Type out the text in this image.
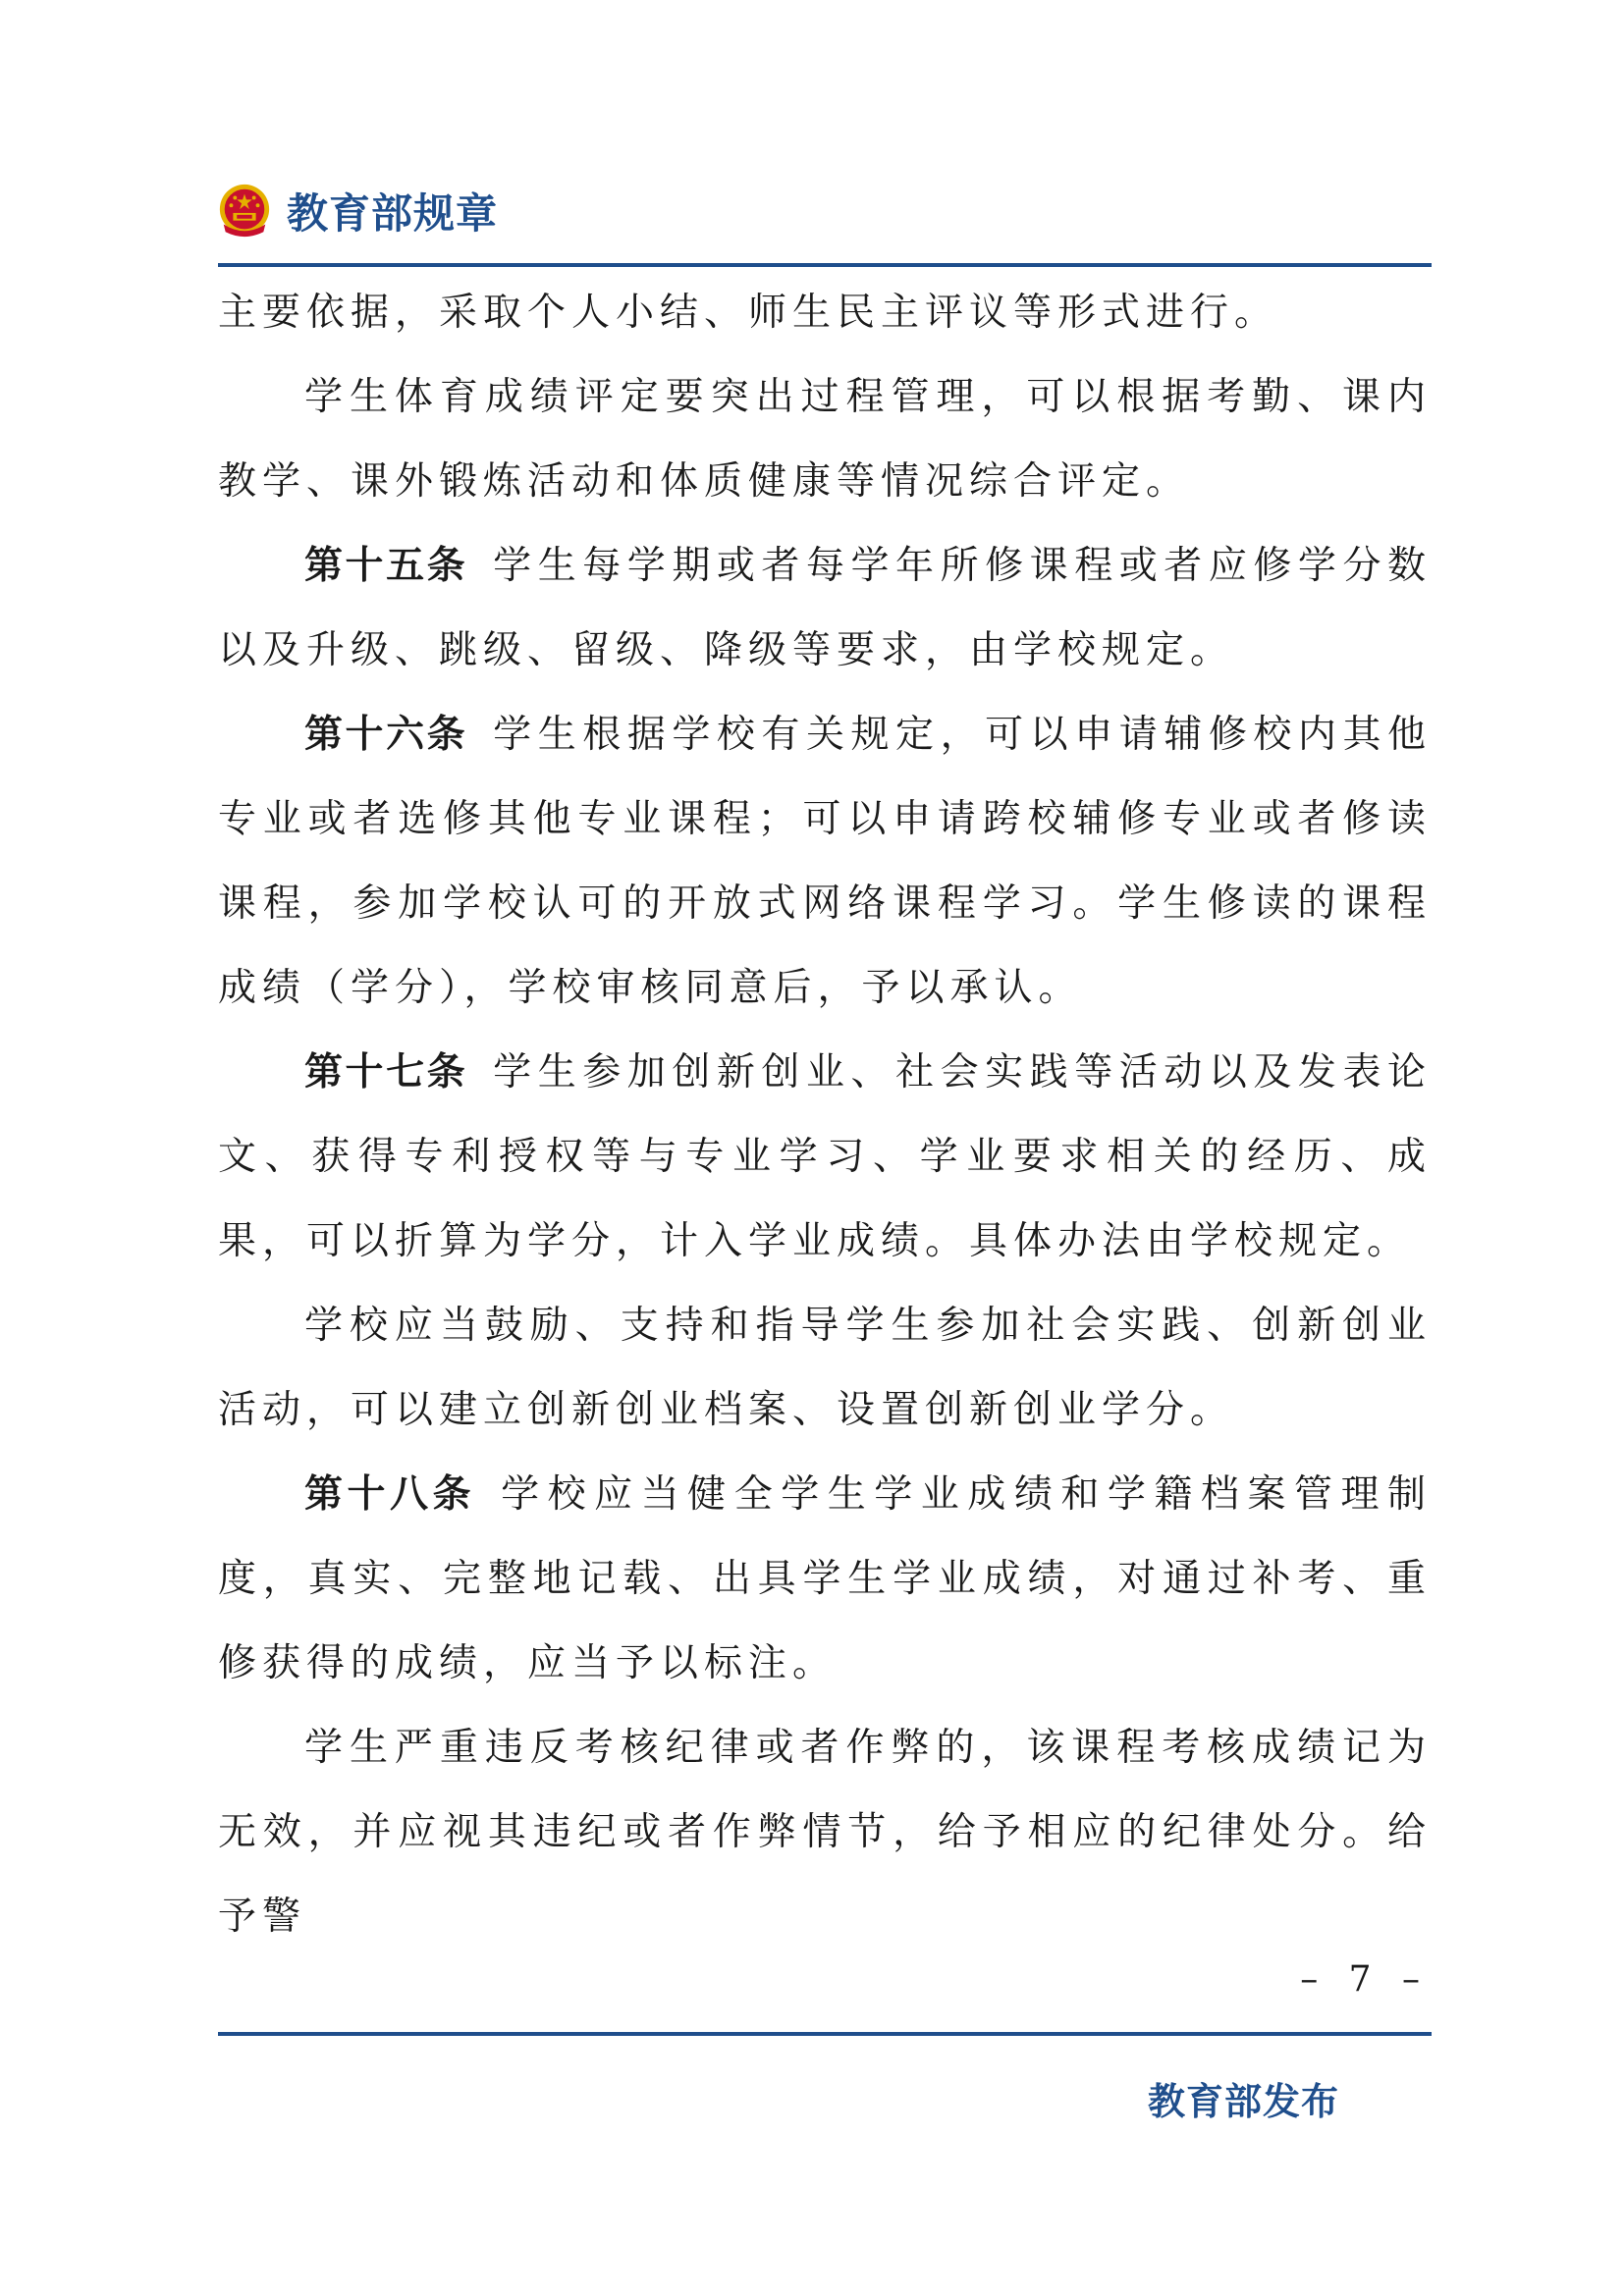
教育部规章

主要依据，采取个人小结、师生民主评议等形式进行。

学生体育成绩评定要突出过程管理，可以根据考勤、课内教学、课外锻炼活动和体质健康等情况综合评定。

第十五条 学生每学期或者每学年所修课程或者应修学分数以及升级、跳级、留级、降级等要求，由学校规定。

第十六条 学生根据学校有关规定，可以申请辅修校内其他专业或者选修其他专业课程；可以申请跨校辅修专业或者修读课程，参加学校认可的开放式网络课程学习。学生修读的课程成绩（学分），学校审核同意后，予以承认。

第十七条 学生参加创新创业、社会实践等活动以及发表论文、获得专利授权等与专业学习、学业要求相关的经历、成果，可以折算为学分，计入学业成绩。具体办法由学校规定。

学校应当鼓励、支持和指导学生参加社会实践、创新创业活动，可以建立创新创业档案、设置创新创业学分。

第十八条 学校应当健全学生学业成绩和学籍档案管理制度，真实、完整地记载、出具学生学业成绩，对通过补考、重修获得的成绩，应当予以标注。

学生严重违反考核纪律或者作弊的，该课程考核成绩记为无效，并应视其违纪或者作弊情节，给予相应的纪律处分。给予警

– 7 –
教育部发布
